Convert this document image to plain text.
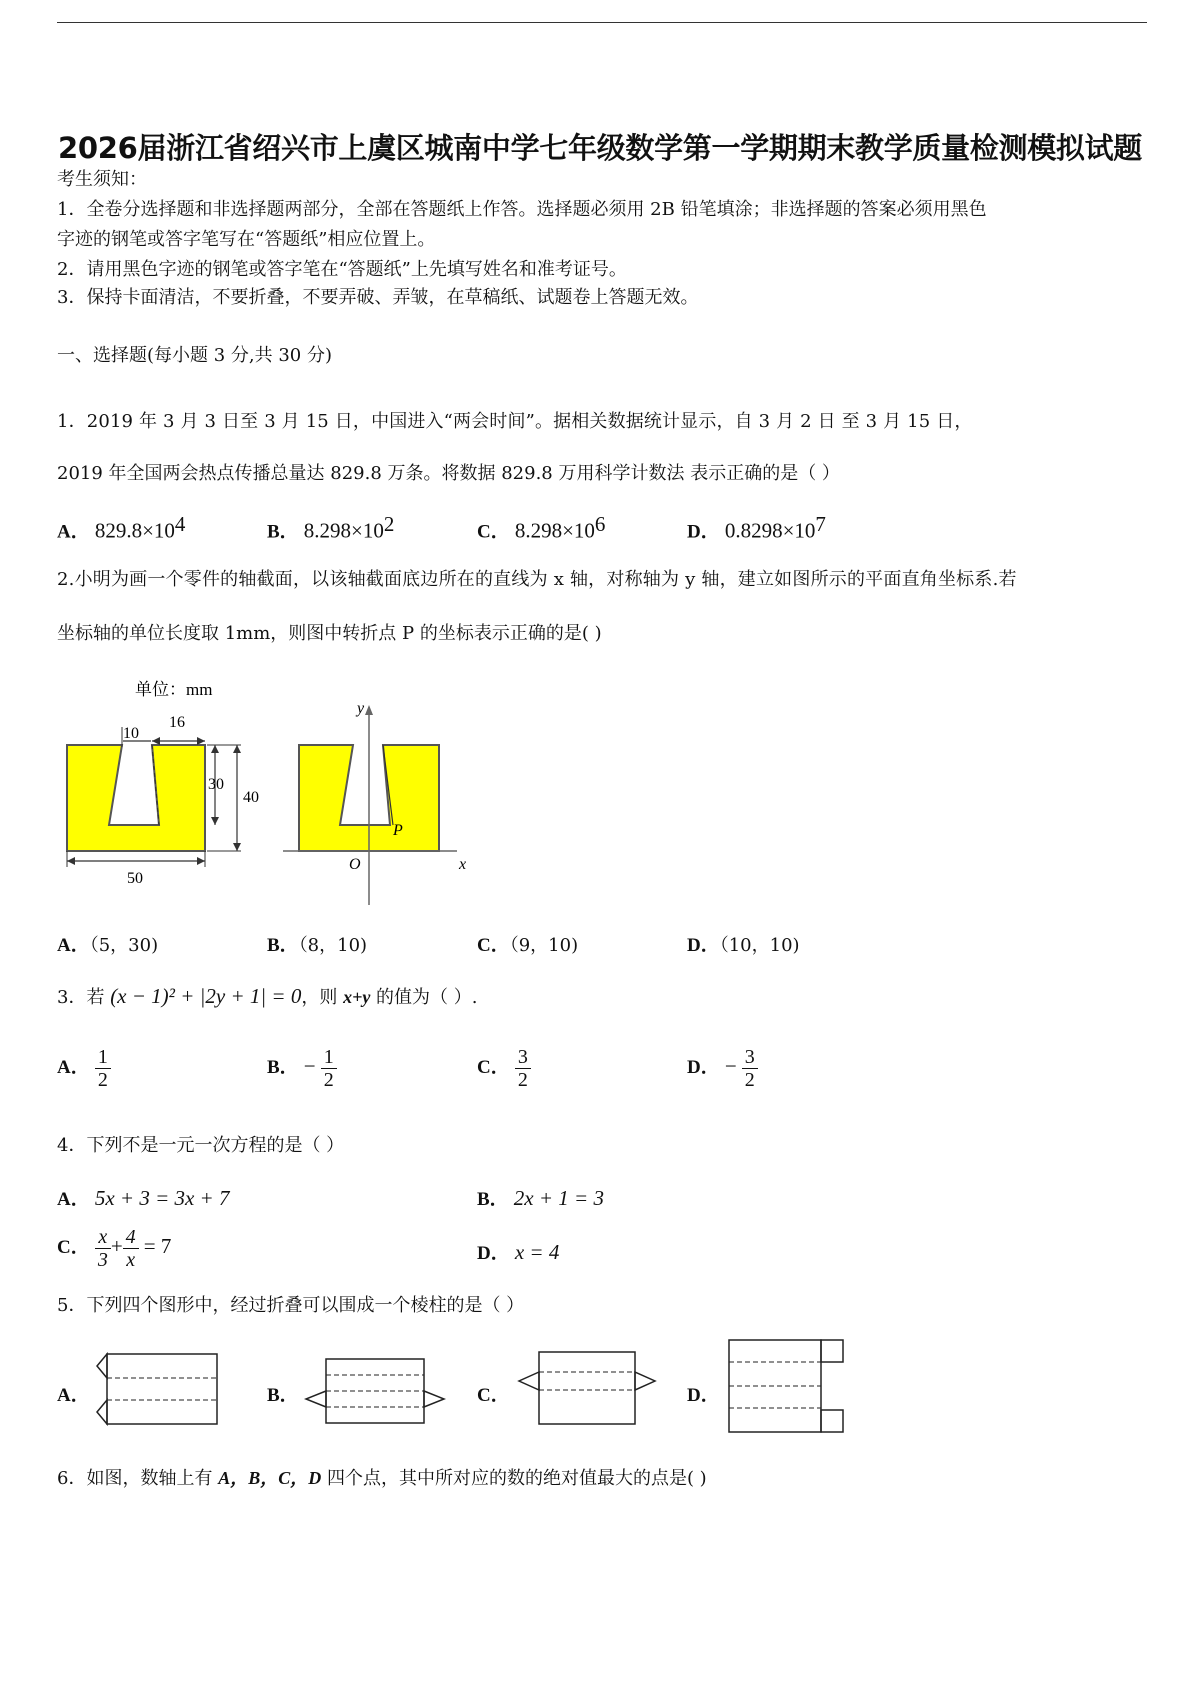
2026届浙江省绍兴市上虞区城南中学七年级数学第一学期期末教学质量检测模拟试题
考生须知：
1．全卷分选择题和非选择题两部分，全部在答题纸上作答。选择题必须用 2B 铅笔填涂；非选择题的答案必须用黑色
字迹的钢笔或答字笔写在“答题纸”相应位置上。
2．请用黑色字迹的钢笔或答字笔在“答题纸”上先填写姓名和准考证号。
3．保持卡面清洁，不要折叠，不要弄破、弄皱，在草稿纸、试题卷上答题无效。
一、选择题(每小题 3 分,共 30 分)
1．2019 年 3 月 3 日至 3 月 15 日，中国进入“两会时间”。据相关数据统计显示，自 3 月 2 日 至 3 月 15 日，
2019 年全国两会热点传播总量达 829.8 万条。将数据 829.8 万用科学计数法 表示正确的是（ ）
A． $829.8\times 10^4$	B． $8.298\times 10^2$	C． $8.298\times 10^6$	D． $0.8298\times 10^7$
2.小明为画一个零件的轴截面，以该轴截面底边所在的直线为 x 轴，对称轴为 y 轴，建立如图所示的平面直角坐标系.若
坐标轴的单位长度取 1mm，则图中转折点 P 的坐标表示正确的是( )
单位：mm
10
16
30
40
50
y
x
O
P
A．（5，30)	B．（8，10)	C．（9，10)	D．（10，10)
3．若 (x − 1)² + |2y + 1| = 0，则 x+y 的值为（ ）.
A． $\frac{1}{2}$	B． − $\frac{1}{2}$	C． $\frac{3}{2}$	D． − $\frac{3}{2}$
4．下列不是一元一次方程的是（ ）
A． 5x + 3 = 3x + 7	B． 2x + 1 = 3
C． $\frac{x}{3} + \frac{4}{x} = 7$	D． x = 4
5．下列四个图形中，经过折叠可以围成一个棱柱的是（ ）
A．	B．	C．	D．
6．如图，数轴上有 A，B，C，D 四个点，其中所对应的数的绝对值最大的点是( )
